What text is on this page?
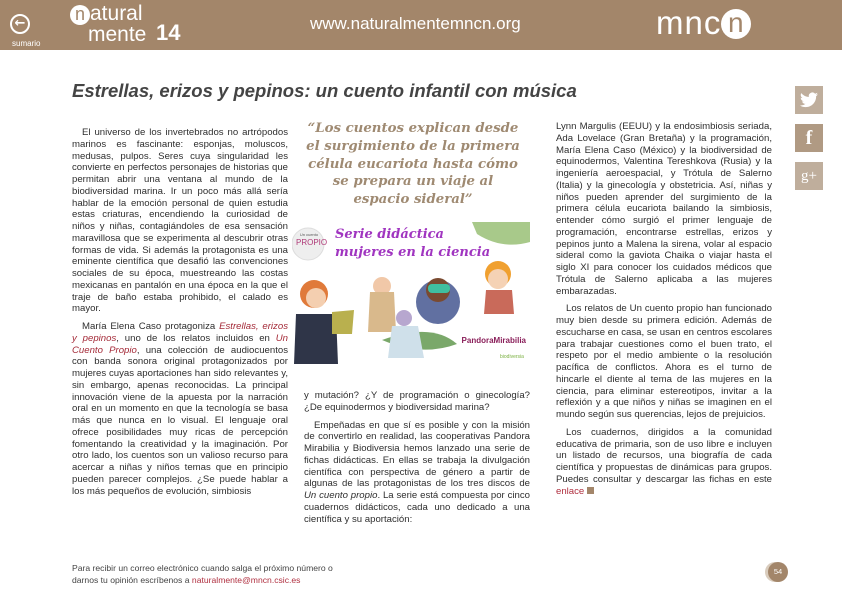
←
sumario
n atural
mente 14	www.naturalmentemncn.org	mnc n
Estrellas, erizos y pepinos: un cuento infantil con música
f
g+

El universo de los invertebrados no artrópodos marinos es fascinante: esponjas, moluscos, medusas, pulpos. Seres cuya singularidad les convierte en perfectos personajes de historias que permitan abrir una ventana al mundo de la biodiversidad marina. Ir un poco más allá sería hablar de la emoción personal de quien estudia estas criaturas, encendiendo la curiosidad de niños y niñas, contagiándoles de esa sensación maravillosa que se experimenta al descubrir otras formas de vida. Si además la protagonista es una eminente científica que desafió las convenciones sociales de su época, muestreando las costas mexicanas en pantalón en una época en la que el traje de baño estaba prohibido, el calado es mayor.

María Elena Caso protagoniza Estrellas, erizos y pepinos, uno de los relatos incluidos en Un Cuento Propio, una colección de audiocuentos con banda sonora original protagonizados por mujeres cuyas aportaciones han sido relevantes y, sin embargo, apenas reconocidas. La principal innovación viene de la apuesta por la narración oral en un momento en que la tecnología se basa más que nunca en lo visual. El lenguaje oral ofrece posibilidades muy ricas de percepción fomentando la creatividad y la imaginación. Por otro lado, los cuentos son un valioso recurso para acercar a niñas y niños temas que en principio pueden parecer complejos. ¿Se puede hablar a los más pequeños de evolución, simbiosis

“Los cuentos explican desde el surgimiento de la primera célula eucariota hasta cómo se prepara un viaje al espacio sideral”
Un cuento
PROPIO
Serie didáctica
mujeres en la ciencia
PandoraMirabilia
biodiversia

y mutación? ¿Y de programación o ginecología? ¿De equinodermos y biodiversidad marina?

Empeñadas en que sí es posible y con la misión de convertirlo en realidad, las cooperativas Pandora Mirabilia y Biodiversia hemos lanzado una serie de fichas didácticas. En ellas se trabaja la divulgación científica con perspectiva de género a partir de algunas de las protagonistas de los tres discos de Un cuento propio. La serie está compuesta por cinco cuadernos didácticos, cada uno dedicado a una científica y su aportación:

Lynn Margulis (EEUU) y la endosimbiosis seriada, Ada Lovelace (Gran Bretaña) y la programación, María Elena Caso (México) y la biodiversidad de equinodermos, Valentina Tereshkova (Rusia) y la ingeniería aeroespacial, y Trótula de Salerno (Italia) y la ginecología y obstetricia. Así, niñas y niños pueden aprender del surgimiento de la primera célula eucariota bailando la simbiosis, entender cómo surgió el primer lenguaje de programación, encontrarse estrellas, erizos y pepinos junto a Malena la sirena, volar al espacio sideral como la gaviota Chaika o viajar hasta el siglo XI para conocer los cuidados médicos que Trótula de Salerno aplicaba a las mujeres embarazadas.

Los relatos de Un cuento propio han funcionado muy bien desde su primera edición. Además de escucharse en casa, se usan en centros escolares para trabajar cuestiones como el buen trato, el respeto por el medio ambiente o la resolución pacífica de conflictos. Ahora es el turno de hincarle el diente al tema de las mujeres en la ciencia, para eliminar estereotipos, invitar a la reflexión y a que niños y niñas se imaginen en el mundo según sus querencias, lejos de prejuicios.

Los cuadernos, dirigidos a la comunidad educativa de primaria, son de uso libre e incluyen un listado de recursos, una biografía de cada científica y propuestas de dinámicas para grupos. Puedes consultar y descargar las fichas en este enlace

Para recibir un correo electrónico cuando salga el próximo número o
darnos tu opinión escríbenos a naturalmente@mncn.csic.es
54
